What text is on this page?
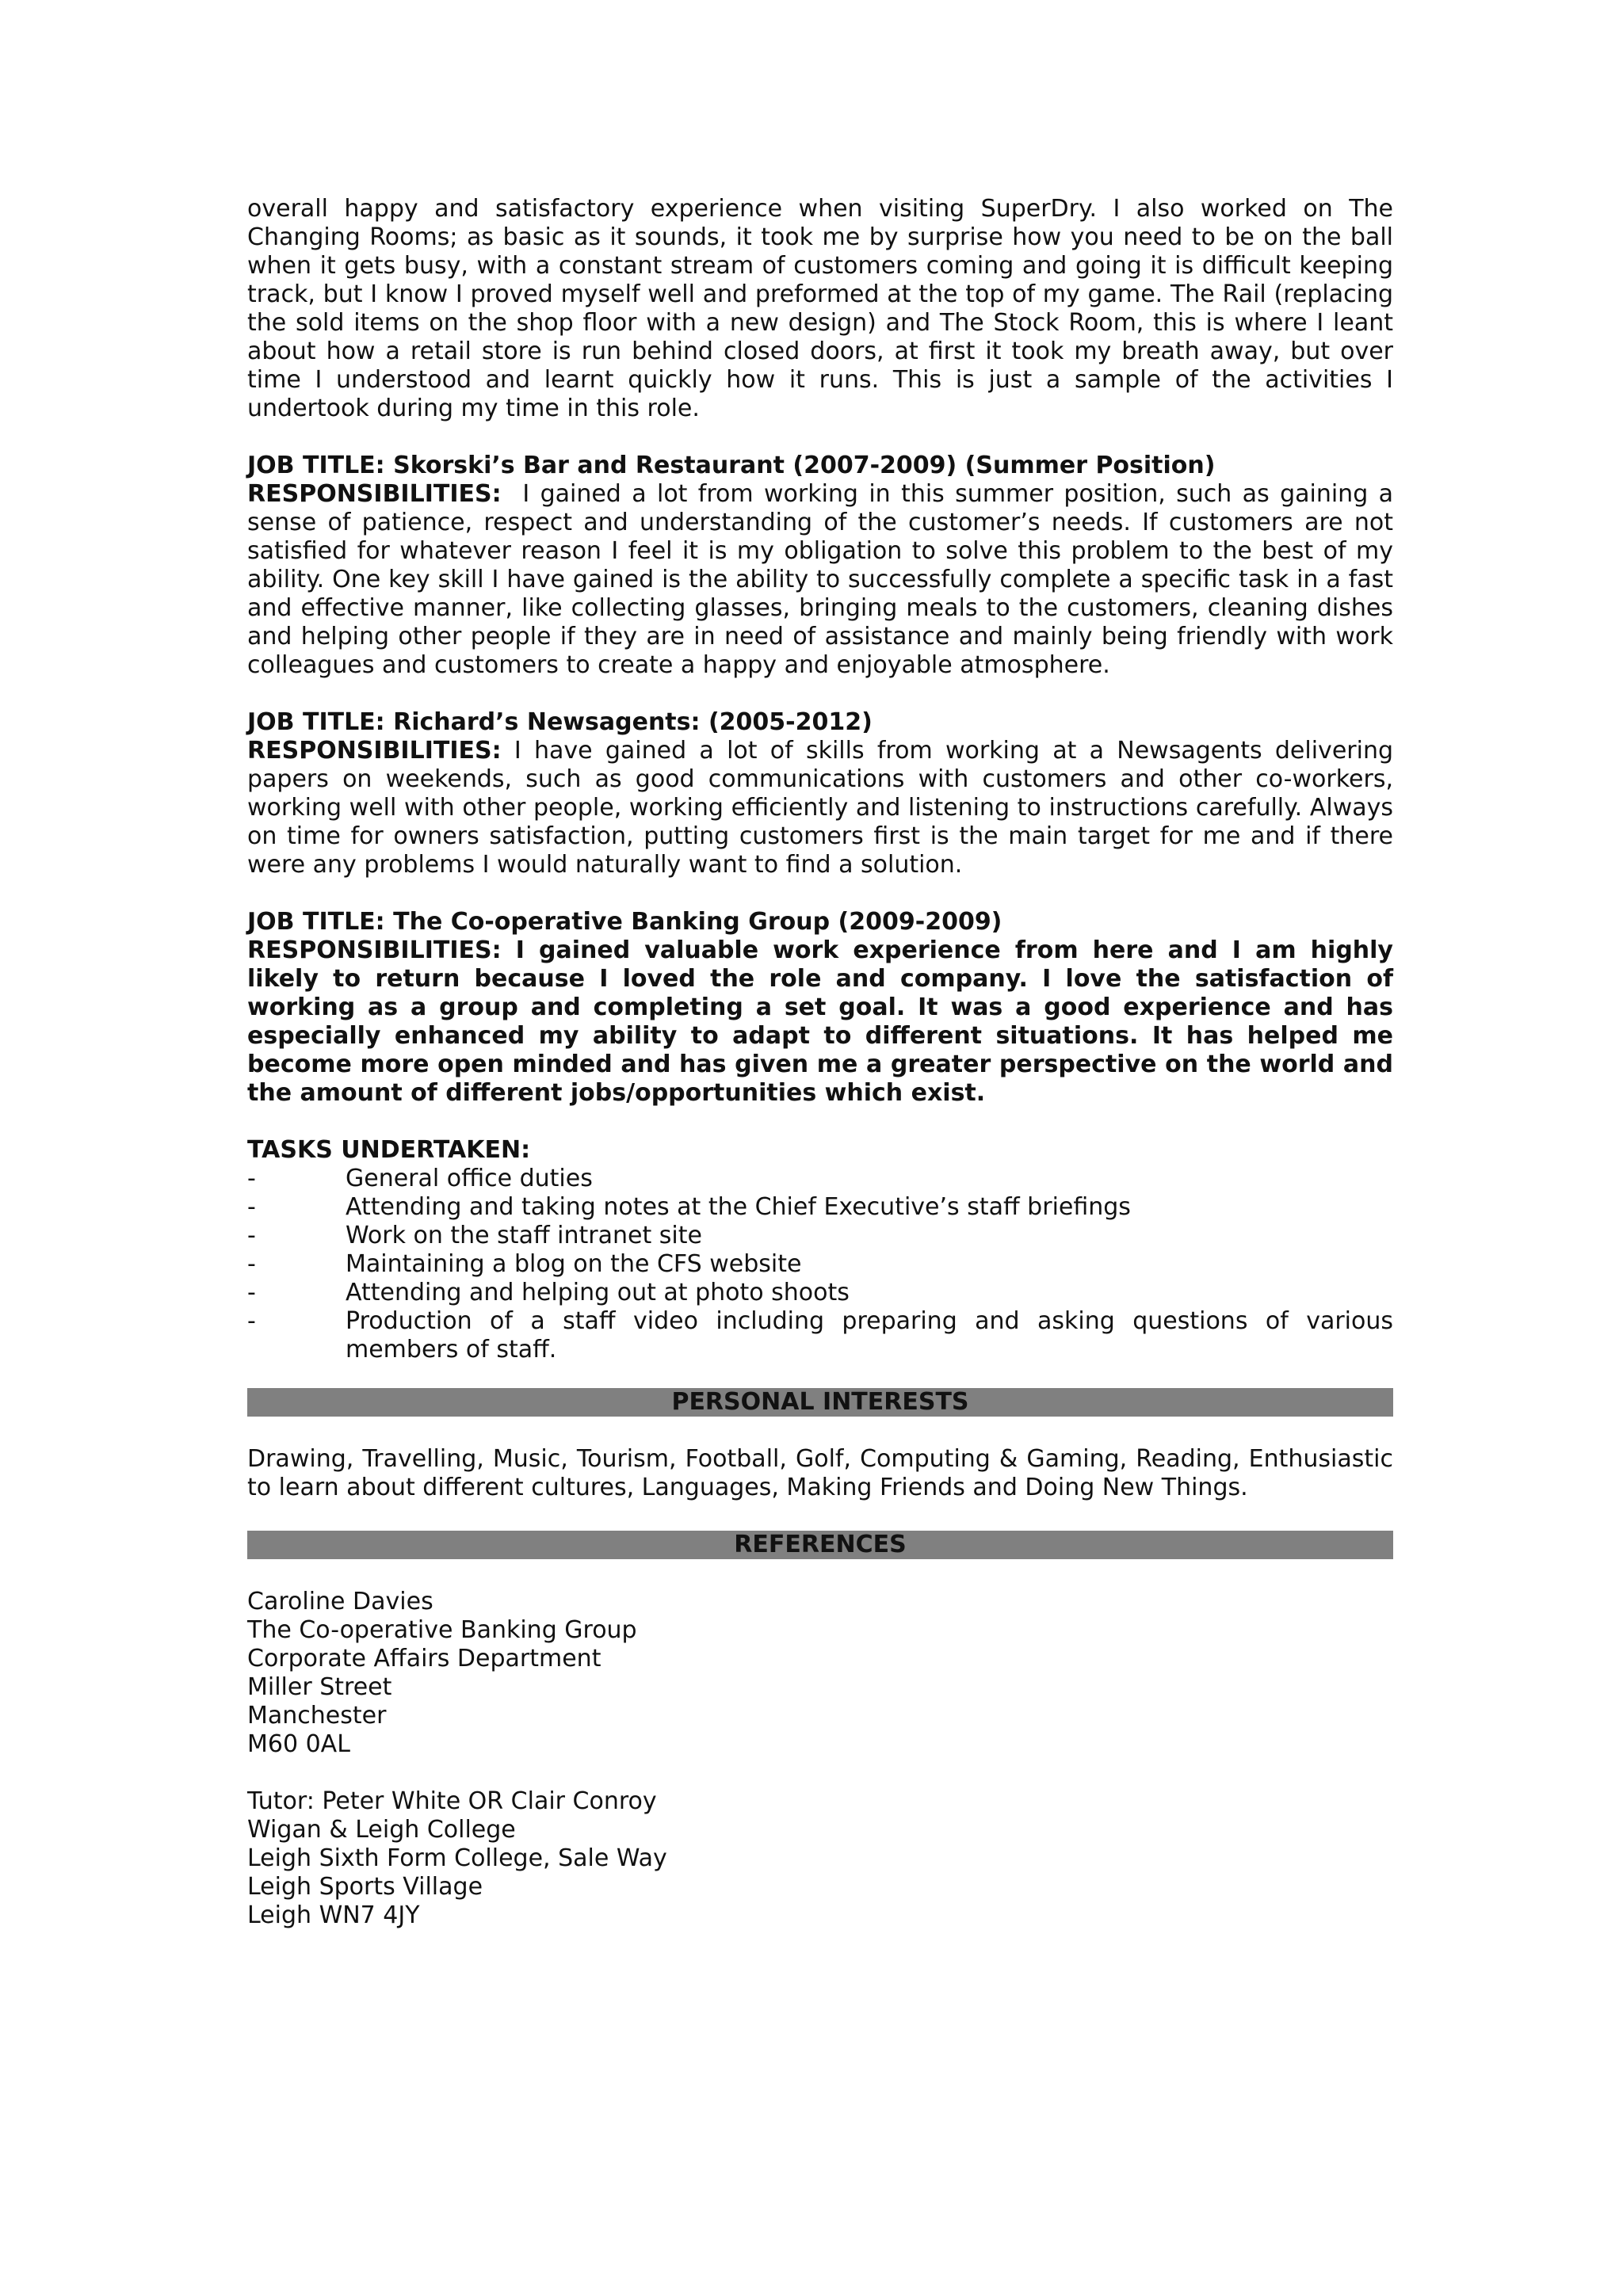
overall happy and satisfactory experience when visiting SuperDry. I also worked on The Changing Rooms; as basic as it sounds, it took me by surprise how you need to be on the ball when it gets busy, with a constant stream of customers coming and going it is difficult keeping track, but I know I proved myself well and preformed at the top of my game. The Rail (replacing the sold items on the shop floor with a new design) and The Stock Room, this is where I leant about how a retail store is run behind closed doors, at first it took my breath away, but over time I understood and learnt quickly how it runs. This is just a sample of the activities I undertook during my time in this role.

JOB TITLE: Skorski’s Bar and Restaurant (2007-2009) (Summer Position)

RESPONSIBILITIES: I gained a lot from working in this summer position, such as gaining a sense of patience, respect and understanding of the customer’s needs. If customers are not satisfied for whatever reason I feel it is my obligation to solve this problem to the best of my ability. One key skill I have gained is the ability to successfully complete a specific task in a fast and effective manner, like collecting glasses, bringing meals to the customers, cleaning dishes and helping other people if they are in need of assistance and mainly being friendly with work colleagues and customers to create a happy and enjoyable atmosphere.

JOB TITLE: Richard’s Newsagents: (2005-2012)

RESPONSIBILITIES: I have gained a lot of skills from working at a Newsagents delivering papers on weekends, such as good communications with customers and other co-workers, working well with other people, working efficiently and listening to instructions carefully. Always on time for owners satisfaction, putting customers first is the main target for me and if there were any problems I would naturally want to find a solution.

JOB TITLE: The Co-operative Banking Group (2009-2009)

RESPONSIBILITIES: I gained valuable work experience from here and I am highly likely to return because I loved the role and company. I love the satisfaction of working as a group and completing a set goal. It was a good experience and has especially enhanced my ability to adapt to different situations. It has helped me become more open minded and has given me a greater perspective on the world and the amount of different jobs/opportunities which exist.

TASKS UNDERTAKEN:

-	General office duties
-	Attending and taking notes at the Chief Executive’s staff briefings
-	Work on the staff intranet site
-	Maintaining a blog on the CFS website
-	Attending and helping out at photo shoots
-	Production of a staff video including preparing and asking questions of various members of staff.
PERSONAL INTERESTS

Drawing, Travelling, Music, Tourism, Football, Golf, Computing & Gaming, Reading, Enthusiastic to learn about different cultures, Languages, Making Friends and Doing New Things.

REFERENCES

Caroline Davies

The Co-operative Banking Group

Corporate Affairs Department

Miller Street

Manchester

M60 0AL

Tutor: Peter White OR Clair Conroy

Wigan & Leigh College

Leigh Sixth Form College, Sale Way

Leigh Sports Village

Leigh WN7 4JY
